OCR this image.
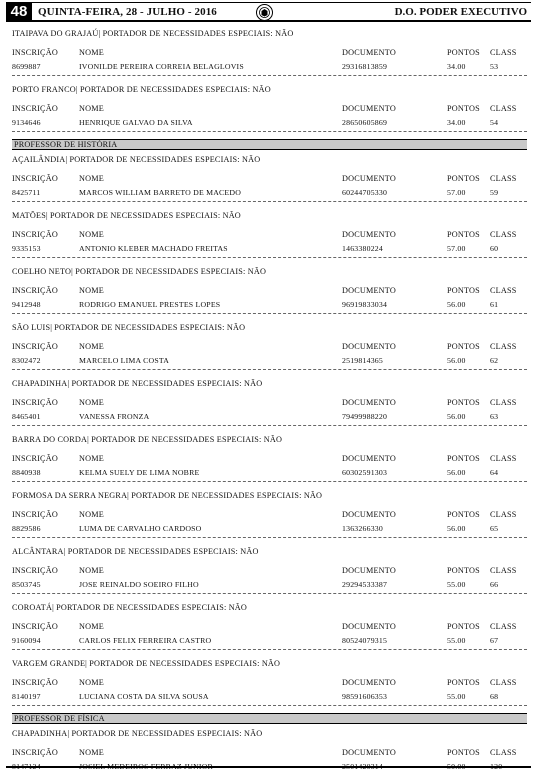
48 QUINTA-FEIRA, 28 - JULHO - 2016	D.O. PODER EXECUTIVO
ITAIPAVA DO GRAJAÚ| PORTADOR DE NECESSIDADES ESPECIAIS: NÃO
INSCRIÇÃO	NOME	DOCUMENTO	PONTOS CLASS
8699887	IVONILDE PEREIRA CORREIA BELAGLOVIS	29316813859	34.00	53
PORTO FRANCO| PORTADOR DE NECESSIDADES ESPECIAIS: NÃO
INSCRIÇÃO	NOME	DOCUMENTO	PONTOS CLASS
9134646	HENRIQUE GALVAO DA SILVA	28650605869	34.00	54
PROFESSOR DE HISTÓRIA
AÇAILÂNDIA| PORTADOR DE NECESSIDADES ESPECIAIS: NÃO
INSCRIÇÃO	NOME	DOCUMENTO	PONTOS CLASS
8425711	MARCOS WILLIAM BARRETO DE MACEDO	60244705330	57.00	59
MATÕES| PORTADOR DE NECESSIDADES ESPECIAIS: NÃO
INSCRIÇÃO	NOME	DOCUMENTO	PONTOS CLASS
9335153	ANTONIO KLEBER MACHADO FREITAS	1463380224	57.00	60
COELHO NETO| PORTADOR DE NECESSIDADES ESPECIAIS: NÃO
INSCRIÇÃO	NOME	DOCUMENTO	PONTOS CLASS
9412948	RODRIGO EMANUEL PRESTES LOPES	96919833034	56.00	61
SÃO LUIS| PORTADOR DE NECESSIDADES ESPECIAIS: NÃO
INSCRIÇÃO	NOME	DOCUMENTO	PONTOS CLASS
8302472	MARCELO LIMA COSTA	2519814365	56.00	62
CHAPADINHA| PORTADOR DE NECESSIDADES ESPECIAIS: NÃO
INSCRIÇÃO	NOME	DOCUMENTO	PONTOS CLASS
8465401	VANESSA FRONZA	79499988220	56.00	63
BARRA DO CORDA| PORTADOR DE NECESSIDADES ESPECIAIS: NÃO
INSCRIÇÃO	NOME	DOCUMENTO	PONTOS CLASS
8840938	KELMA SUELY DE LIMA NOBRE	60302591303	56.00	64
FORMOSA DA SERRA NEGRA| PORTADOR DE NECESSIDADES ESPECIAIS: NÃO
INSCRIÇÃO	NOME	DOCUMENTO	PONTOS CLASS
8829586	LUMA DE CARVALHO CARDOSO	1363266330	56.00	65
ALCÂNTARA| PORTADOR DE NECESSIDADES ESPECIAIS: NÃO
INSCRIÇÃO	NOME	DOCUMENTO	PONTOS CLASS
8503745	JOSE REINALDO SOEIRO FILHO	29294533387	55.00	66
COROATÁ| PORTADOR DE NECESSIDADES ESPECIAIS: NÃO
INSCRIÇÃO	NOME	DOCUMENTO	PONTOS CLASS
9160094	CARLOS FELIX FERREIRA CASTRO	80524079315	55.00	67
VARGEM GRANDE| PORTADOR DE NECESSIDADES ESPECIAIS: NÃO
INSCRIÇÃO	NOME	DOCUMENTO	PONTOS CLASS
8140197	LUCIANA COSTA DA SILVA SOUSA	98591606353	55.00	68
PROFESSOR DE FÍSICA
CHAPADINHA| PORTADOR DE NECESSIDADES ESPECIAIS: NÃO
INSCRIÇÃO	NOME	DOCUMENTO	PONTOS CLASS
8147124	JOSIEL MEDEIROS FERRAZ JUNIOR	2501420314	50.00	120
